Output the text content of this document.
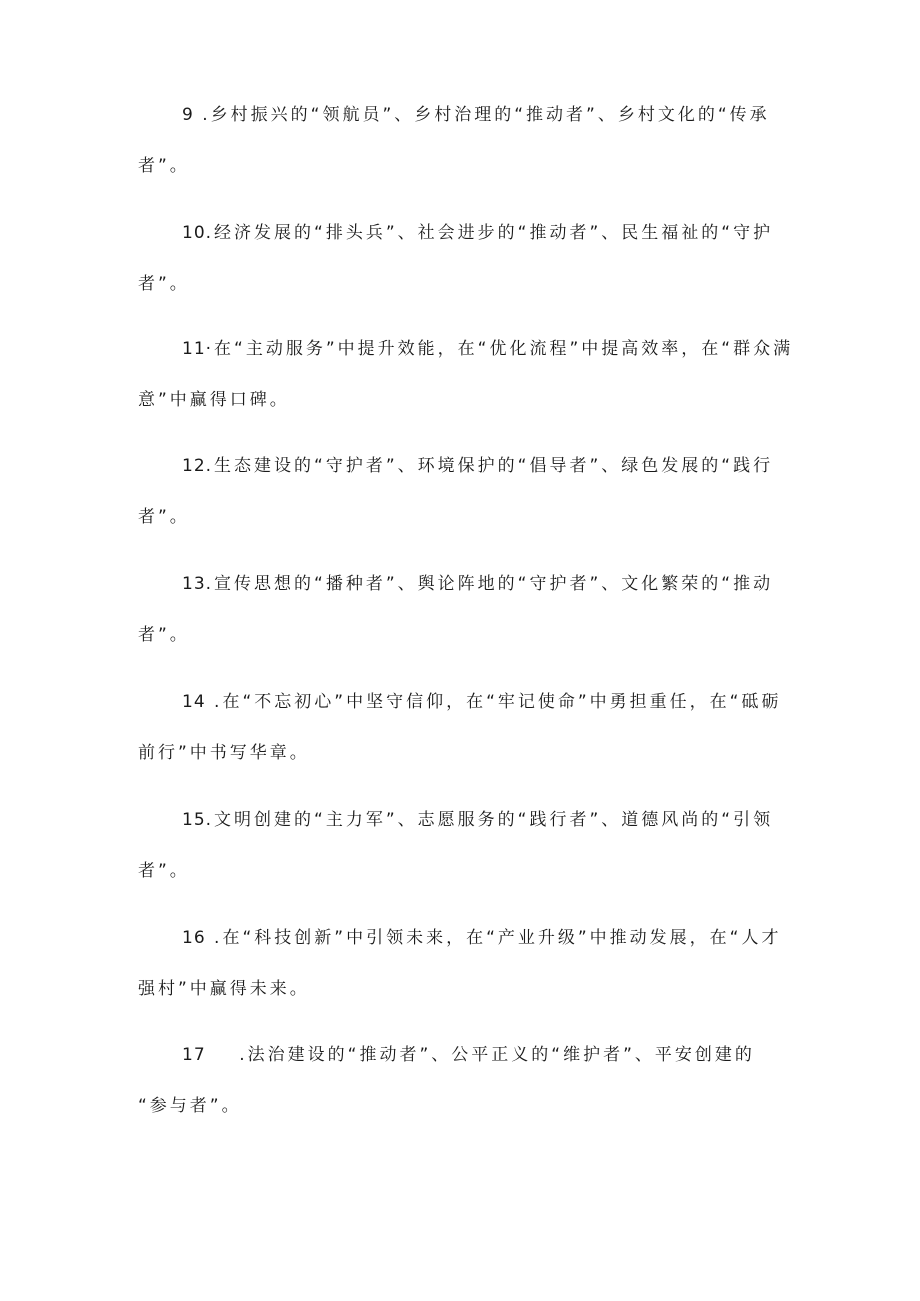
9 .乡村振兴的“领航员”、乡村治理的“推动者”、乡村文化的“传承
者”。
10.经济发展的“排头兵”、社会进步的“推动者”、民生福祉的“守护
者”。
11·在“主动服务”中提升效能，在“优化流程”中提高效率，在“群众满
意”中赢得口碑。
12.生态建设的“守护者”、环境保护的“倡导者”、绿色发展的“践行
者”。
13.宣传思想的“播种者”、舆论阵地的“守护者”、文化繁荣的“推动
者”。
14 .在“不忘初心”中坚守信仰，在“牢记使命”中勇担重任，在“砥砺
前行”中书写华章。
15.文明创建的“主力军”、志愿服务的“践行者”、道德风尚的“引领
者”。
16 .在“科技创新”中引领未来，在“产业升级”中推动发展，在“人才
强村”中赢得未来。
17    .法治建设的“推动者”、公平正义的“维护者”、平安创建的
“参与者”。
